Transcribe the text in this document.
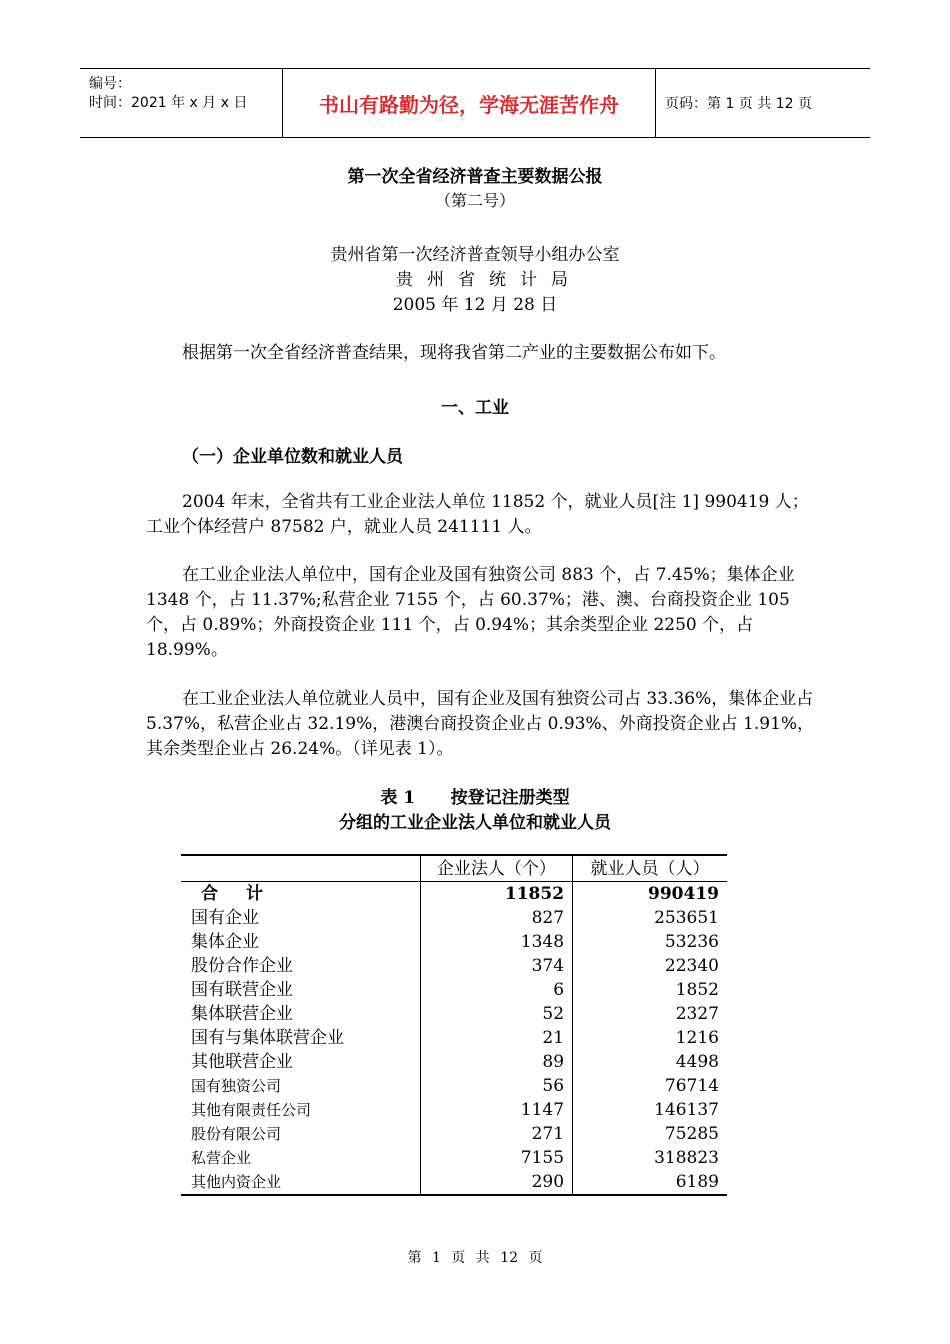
编号：
时间：2021 年 x 月 x 日	书山有路勤为径，学海无涯苦作舟	页码：第 1 页 共 12 页
第一次全省经济普查主要数据公报
（第二号）
贵州省第一次经济普查领导小组办公室
贵州省统计局
2005 年 12 月 28 日
根据第一次全省经济普查结果，现将我省第二产业的主要数据公布如下。
一、工业
（一）企业单位数和就业人员
2004 年末，全省共有工业企业法人单位 11852 个，就业人员[注 1] 990419 人；工业个体经营户 87582 户，就业人员 241111 人。
在工业企业法人单位中，国有企业及国有独资公司 883 个，占 7.45%；集体企业 1348 个，占 11.37%;私营企业 7155 个，占 60.37%；港、澳、台商投资企业 105 个，占 0.89%；外商投资企业 111 个，占 0.94%；其余类型企业 2250 个，占 18.99%。
在工业企业法人单位就业人员中，国有企业及国有独资公司占 33.36%，集体企业占 5.37%，私营企业占 32.19%，港澳台商投资企业占 0.93%、外商投资企业占 1.91%，其余类型企业占 26.24%。（详见表 1）。
表 1      按登记注册类型
分组的工业企业法人单位和就业人员
	企业法人（个）	就业人员（人）
合计	11852	990419
国有企业	827	253651
集体企业	1348	53236
股份合作企业	374	22340
国有联营企业	6	1852
集体联营企业	52	2327
国有与集体联营企业	21	1216
其他联营企业	89	4498
国有独资公司	56	76714
其他有限责任公司	1147	146137
股份有限公司	271	75285
私营企业	7155	318823
其他内资企业	290	6189
第 1 页 共 12 页
